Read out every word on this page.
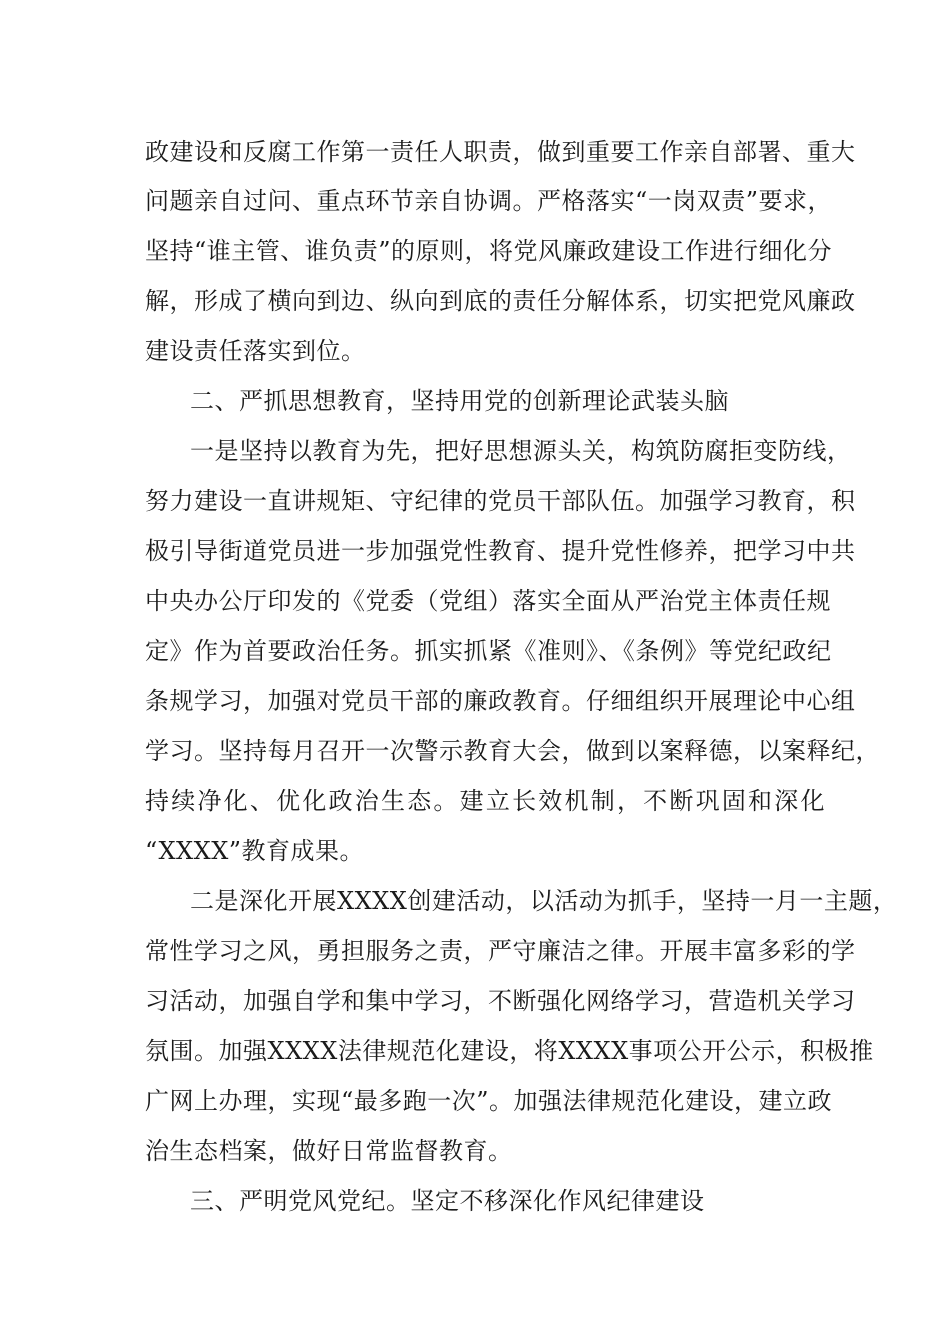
政建设和反腐工作第一责任人职责，做到重要工作亲自部署、重大
问题亲自过问、重点环节亲自协调。严格落实“一岗双责”要求，
坚持“谁主管、谁负责”的原则，将党风廉政建设工作进行细化分
解，形成了横向到边、纵向到底的责任分解体系，切实把党风廉政
建设责任落实到位。
二、严抓思想教育，坚持用党的创新理论武装头脑
一是坚持以教育为先，把好思想源头关，构筑防腐拒变防线，
努力建设一直讲规矩、守纪律的党员干部队伍。加强学习教育，积
极引导街道党员进一步加强党性教育、提升党性修养，把学习中共
中央办公厅印发的《党委（党组）落实全面从严治党主体责任规
定》作为首要政治任务。抓实抓紧《准则》、《条例》等党纪政纪
条规学习，加强对党员干部的廉政教育。仔细组织开展理论中心组
学习。坚持每月召开一次警示教育大会，做到以案释德，以案释纪，
持续净化、优化政治生态。建立长效机制，不断巩固和深化
“XXXX”教育成果。
二是深化开展XXXX创建活动，以活动为抓手，坚持一月一主题，
常性学习之风，勇担服务之责，严守廉洁之律。开展丰富多彩的学
习活动，加强自学和集中学习，不断强化网络学习，营造机关学习
氛围。加强XXXX法律规范化建设，将XXXX事项公开公示，积极推
广网上办理，实现“最多跑一次”。加强法律规范化建设，建立政
治生态档案，做好日常监督教育。
三、严明党风党纪。坚定不移深化作风纪律建设
